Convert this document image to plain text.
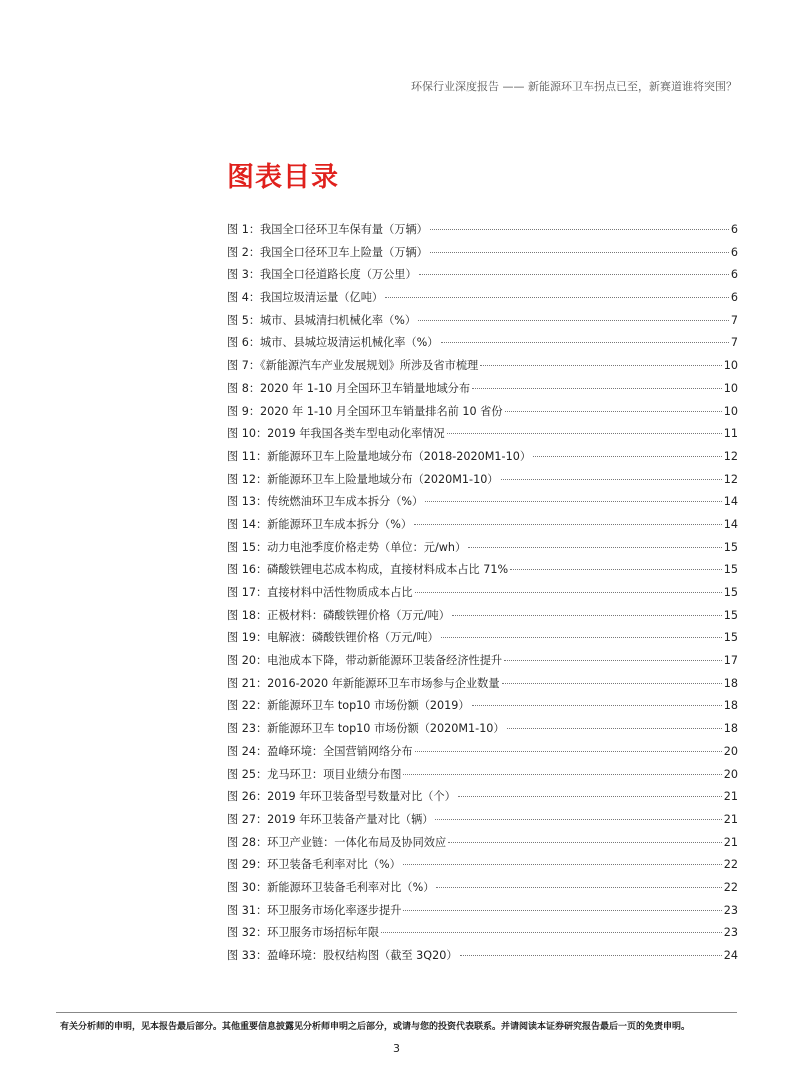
环保行业深度报告 —— 新能源环卫车拐点已至，新赛道谁将突围？
图表目录
图 1：我国全口径环卫车保有量（万辆）	6
图 2：我国全口径环卫车上险量（万辆）	6
图 3：我国全口径道路长度（万公里）	6
图 4：我国垃圾清运量（亿吨）	6
图 5：城市、县城清扫机械化率（%）	7
图 6：城市、县城垃圾清运机械化率（%）	7
图 7：《新能源汽车产业发展规划》所涉及省市梳理	10
图 8：2020 年 1-10 月全国环卫车销量地域分布	10
图 9：2020 年 1-10 月全国环卫车销量排名前 10 省份	10
图 10：2019 年我国各类车型电动化率情况	11
图 11：新能源环卫车上险量地域分布（2018-2020M1-10）	12
图 12：新能源环卫车上险量地域分布（2020M1-10）	12
图 13：传统燃油环卫车成本拆分（%）	14
图 14：新能源环卫车成本拆分（%）	14
图 15：动力电池季度价格走势（单位：元/wh）	15
图 16：磷酸铁锂电芯成本构成，直接材料成本占比 71%	15
图 17：直接材料中活性物质成本占比	15
图 18：正极材料：磷酸铁锂价格（万元/吨）	15
图 19：电解液：磷酸铁锂价格（万元/吨）	15
图 20：电池成本下降，带动新能源环卫装备经济性提升	17
图 21：2016-2020 年新能源环卫车市场参与企业数量	18
图 22：新能源环卫车 top10 市场份额（2019）	18
图 23：新能源环卫车 top10 市场份额（2020M1-10）	18
图 24：盈峰环境：全国营销网络分布	20
图 25：龙马环卫：项目业绩分布图	20
图 26：2019 年环卫装备型号数量对比（个）	21
图 27：2019 年环卫装备产量对比（辆）	21
图 28：环卫产业链：一体化布局及协同效应	21
图 29：环卫装备毛利率对比（%）	22
图 30：新能源环卫装备毛利率对比（%）	22
图 31：环卫服务市场化率逐步提升	23
图 32：环卫服务市场招标年限	23
图 33：盈峰环境：股权结构图（截至 3Q20）	24
有关分析师的申明，见本报告最后部分。其他重要信息披露见分析师申明之后部分，或请与您的投资代表联系。并请阅读本证券研究报告最后一页的免责申明。
3
